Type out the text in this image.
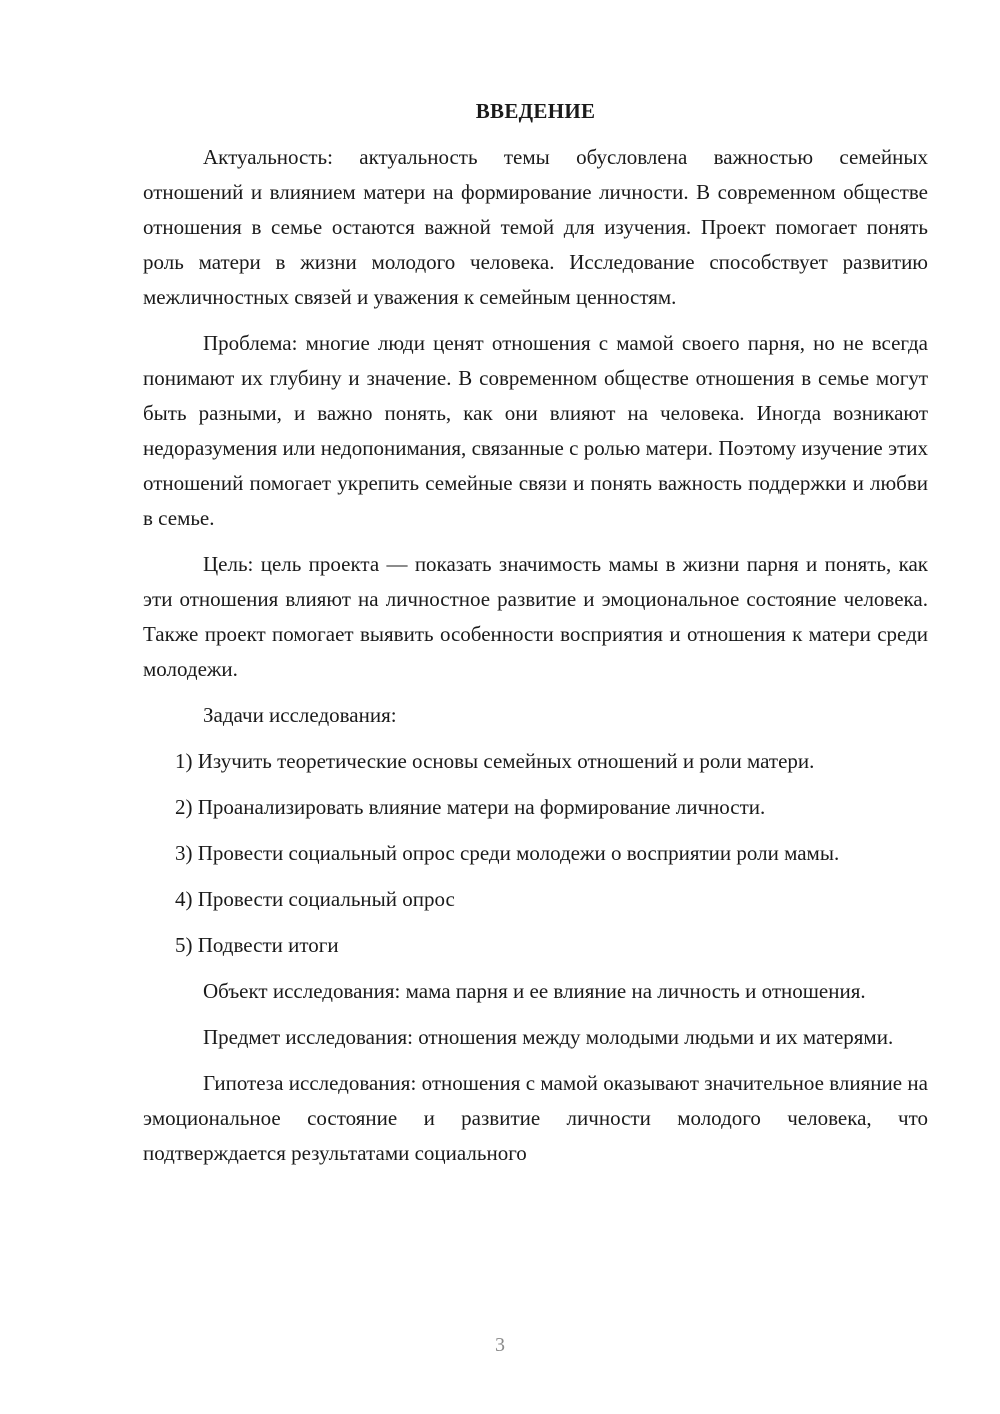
ВВЕДЕНИЕ

Актуальность: актуальность темы обусловлена важностью семейных отношений и влиянием матери на формирование личности. В современном обществе отношения в семье остаются важной темой для изучения. Проект помогает понять роль матери в жизни молодого человека. Исследование способствует развитию межличностных связей и уважения к семейным ценностям.

Проблема: многие люди ценят отношения с мамой своего парня, но не всегда понимают их глубину и значение. В современном обществе отношения в семье могут быть разными, и важно понять, как они влияют на человека. Иногда возникают недоразумения или недопонимания, связанные с ролью матери. Поэтому изучение этих отношений помогает укрепить семейные связи и понять важность поддержки и любви в семье.

Цель: цель проекта — показать значимость мамы в жизни парня и понять, как эти отношения влияют на личностное развитие и эмоциональное состояние человека. Также проект помогает выявить особенности восприятия и отношения к матери среди молодежи.

Задачи исследования:

1) Изучить теоретические основы семейных отношений и роли матери.

2) Проанализировать влияние матери на формирование личности.

3) Провести социальный опрос среди молодежи о восприятии роли мамы.

4) Провести социальный опрос

5) Подвести итоги

Объект исследования: мама парня и ее влияние на личность и отношения.

Предмет исследования: отношения между молодыми людьми и их матерями.

Гипотеза исследования: отношения с мамой оказывают значительное влияние на эмоциональное состояние и развитие личности молодого человека, что подтверждается результатами социального

3
